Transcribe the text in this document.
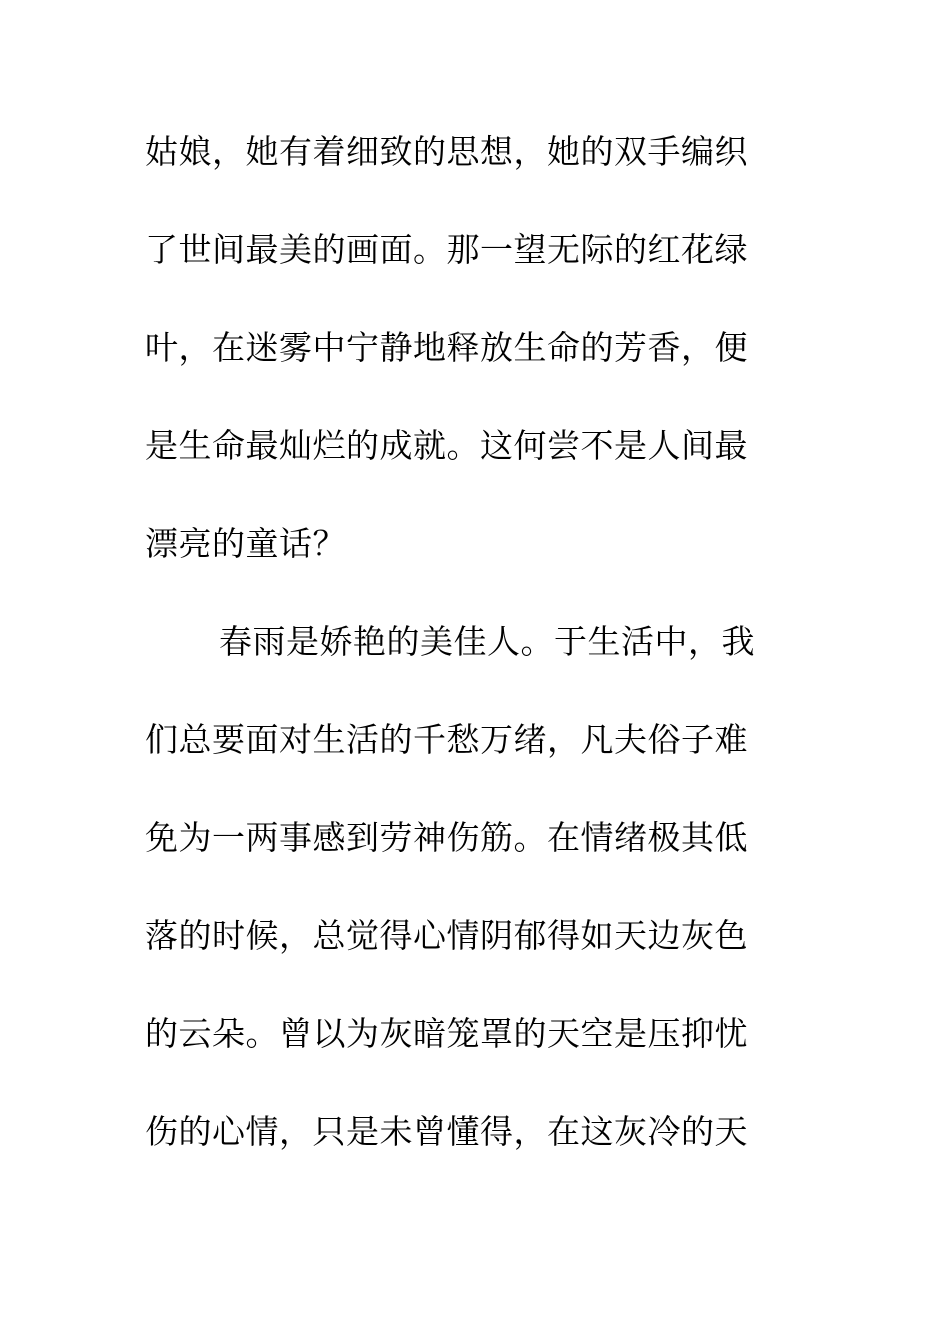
姑娘，她有着细致的思想，她的双手编织
了世间最美的画面。那一望无际的红花绿
叶，在迷雾中宁静地释放生命的芳香，便
是生命最灿烂的成就。这何尝不是人间最
漂亮的童话？
春雨是娇艳的美佳人。于生活中，我
们总要面对生活的千愁万绪，凡夫俗子难
免为一两事感到劳神伤筋。在情绪极其低
落的时候，总觉得心情阴郁得如天边灰色
的云朵。曾以为灰暗笼罩的天空是压抑忧
伤的心情，只是未曾懂得，在这灰冷的天
